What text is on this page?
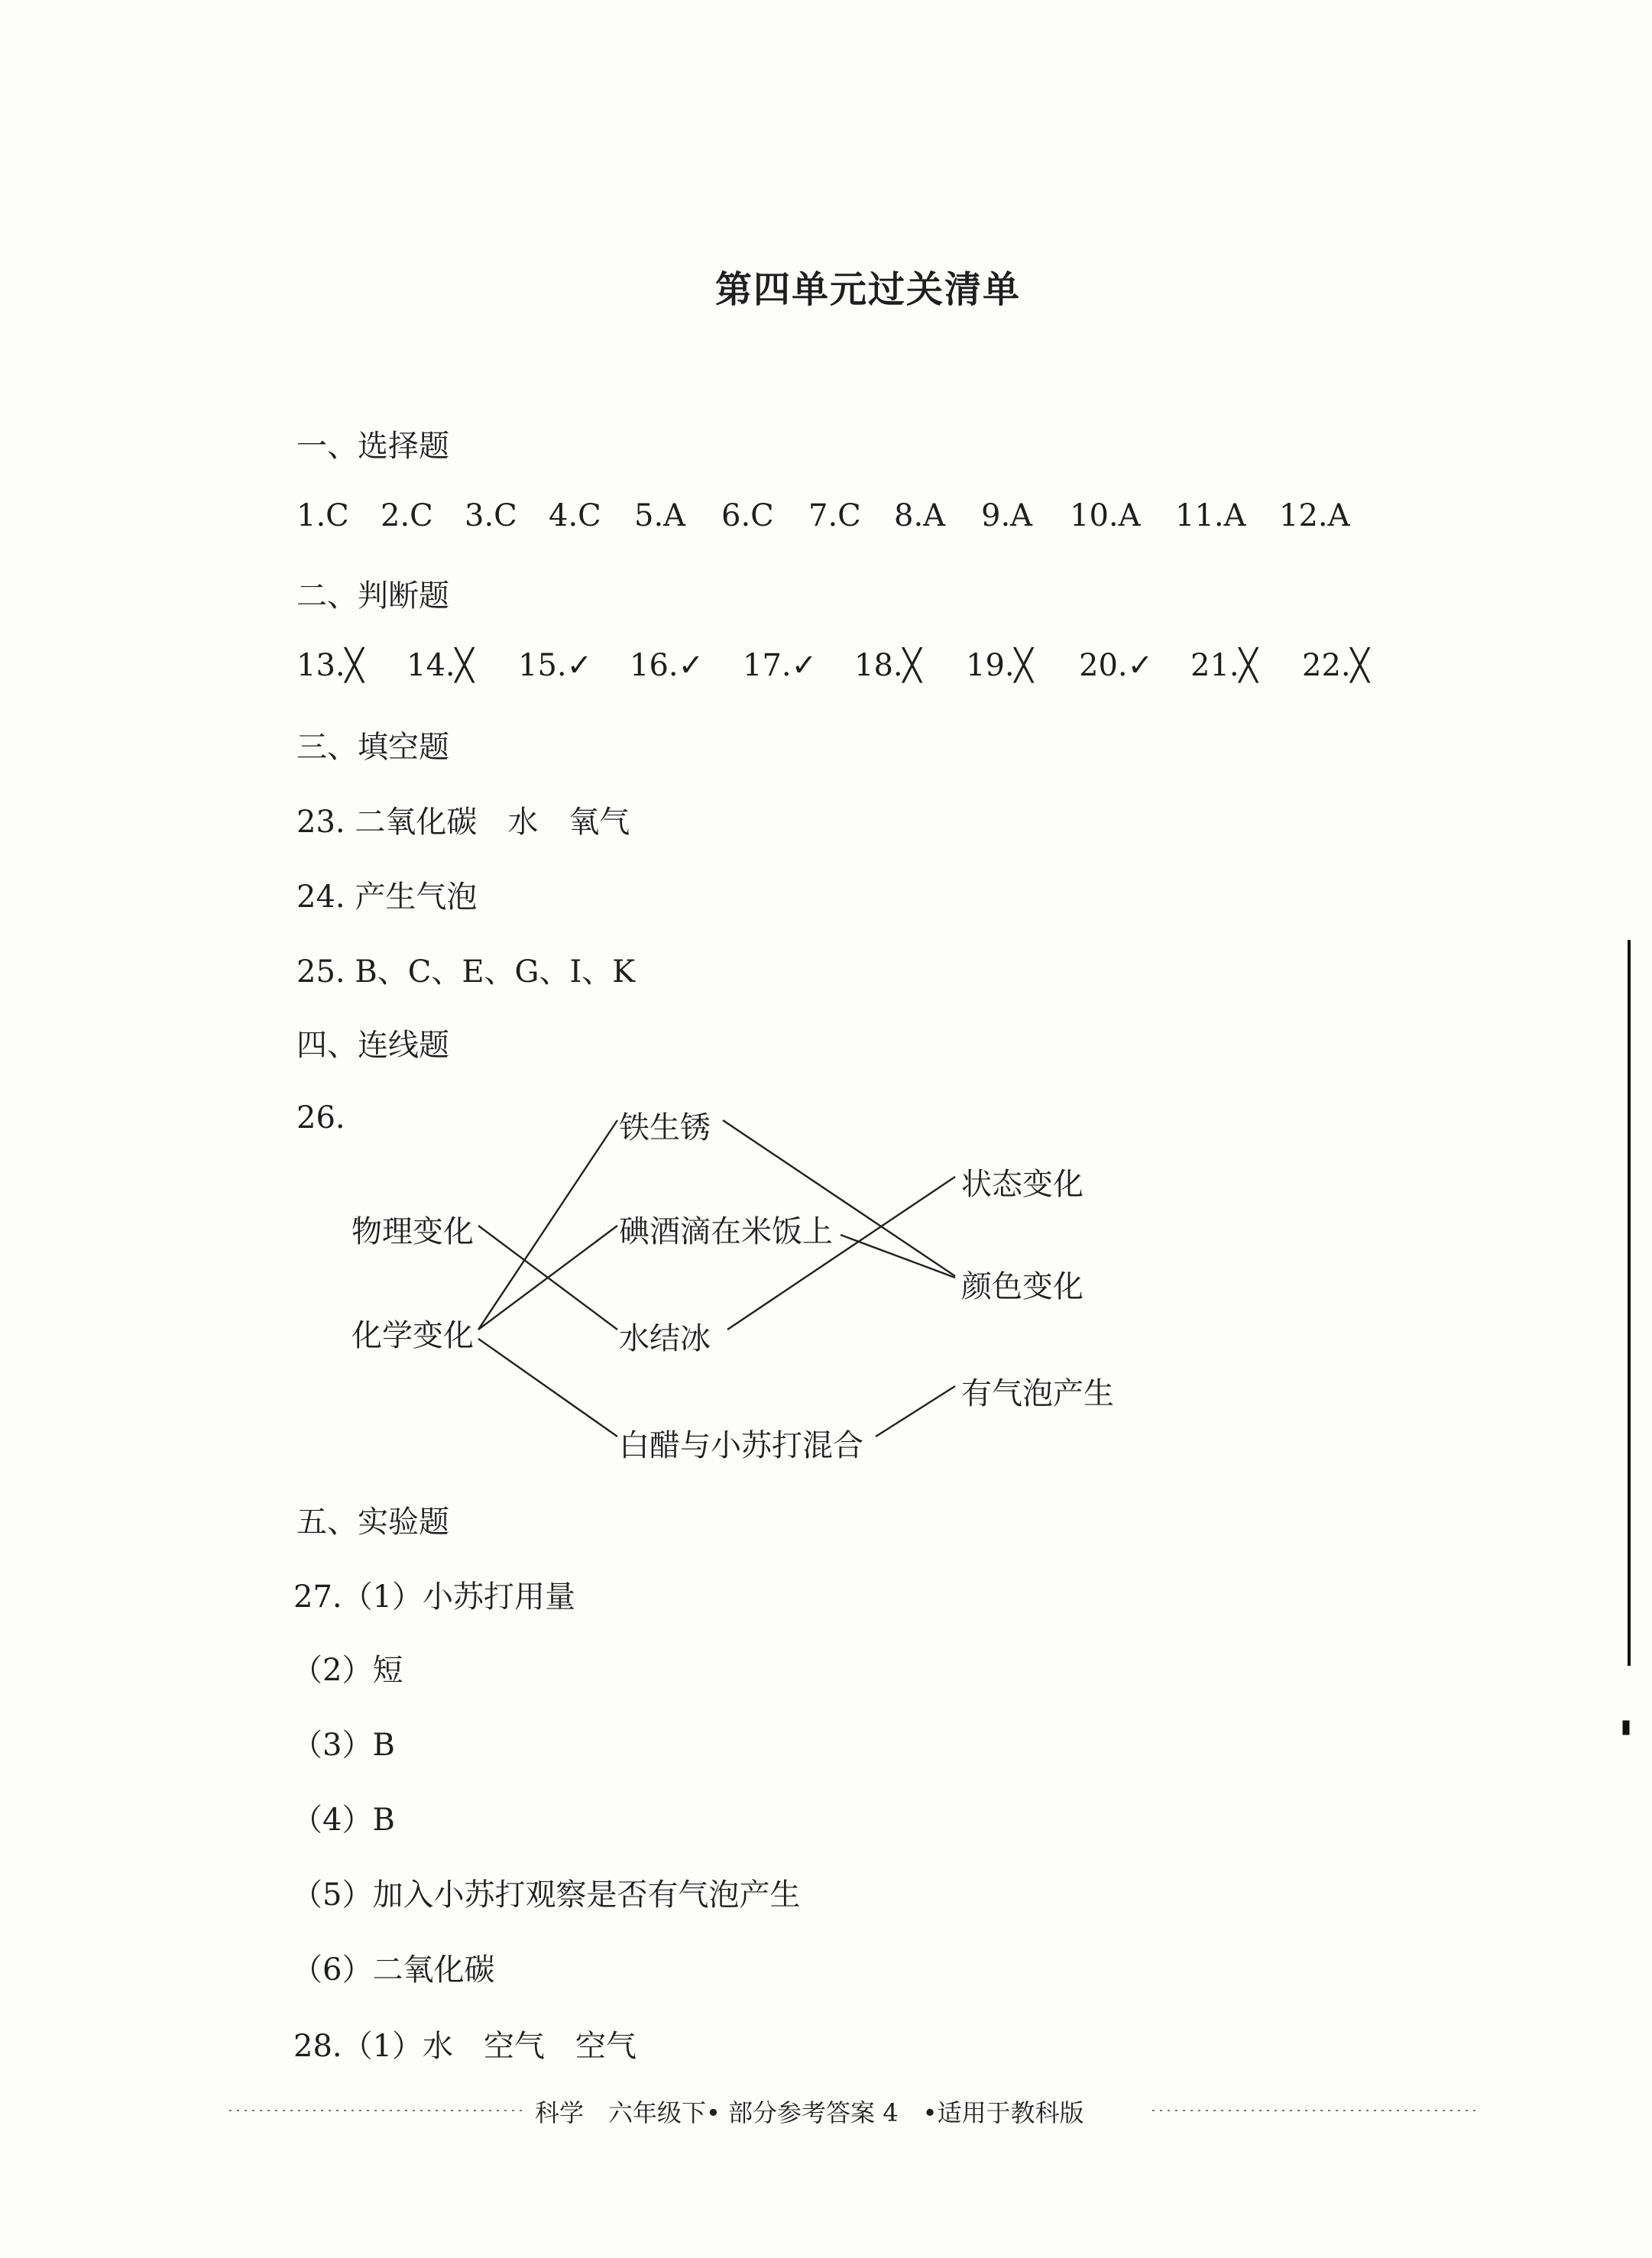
第四单元过关清单
一、选择题
1.C 2.C 3.C 4.C 5.A 6.C 7.C 8.A 9.A 10.A 11.A 12.A
二、判断题
13.╳ 14.╳ 15.✓ 16.✓ 17.✓ 18.╳ 19.╳ 20.✓ 21.╳ 22.╳
三、填空题
23. 二氧化碳　水　氧气
24. 产生气泡
25. B、C、E、G、I、K
四、连线题
26.
物理变化
化学变化
铁生锈
碘酒滴在米饭上
水结冰
白醋与小苏打混合
状态变化
颜色变化
有气泡产生
五、实验题
27.（1）小苏打用量
（2）短
（3）B
（4）B
（5）加入小苏打观察是否有气泡产生
（6）二氧化碳
28.（1）水　空气　空气
科学　六年级下• 部分参考答案 4　•适用于教科版
